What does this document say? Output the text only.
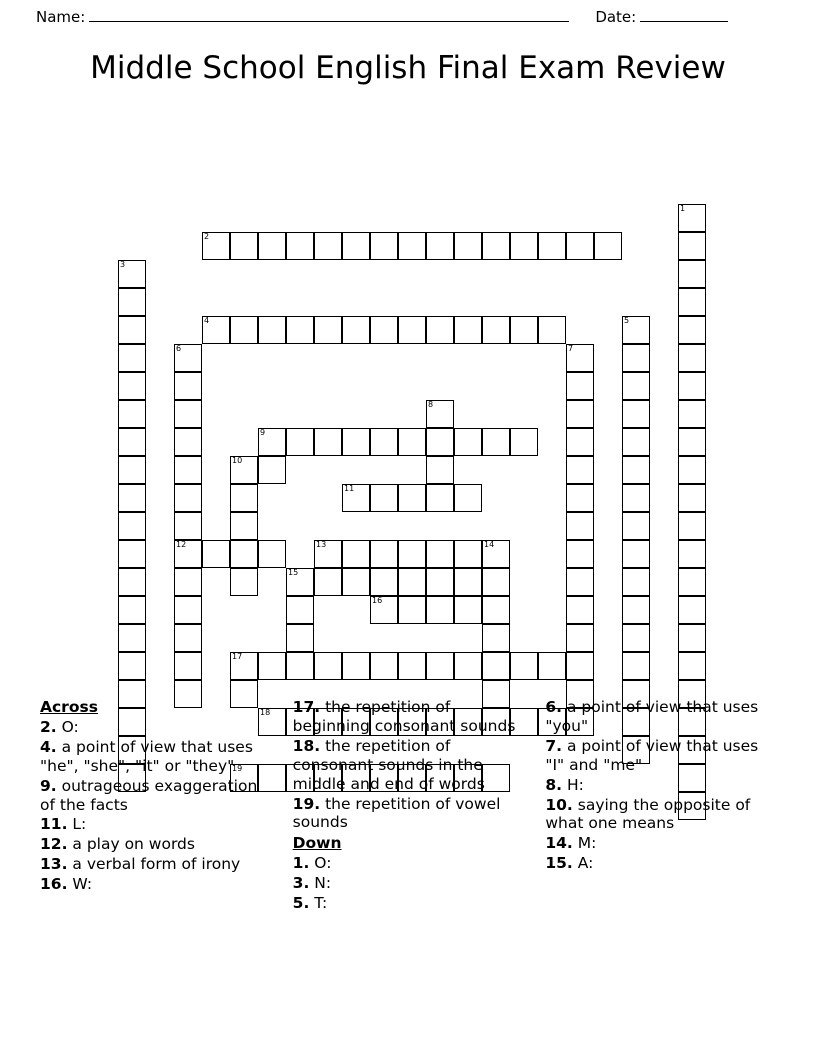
Name:	Date:
Middle School English Final Exam Review
1
2
3
4	5
6	7
8
9
10
11
12	13	14
15
16
17
18
19
Across
2. O:
4. a point of view that uses "he", "she", "it" or "they"
9. outrageous exaggeration of the facts
11. L:
12. a play on words
13. a verbal form of irony
16. W:
17. the repetition of beginning consonant sounds
18. the repetition of consonant sounds in the middle and end of words
19. the repetition of vowel sounds
Down
1. O:
3. N:
5. T:
6. a point of view that uses "you"
7. a point of view that uses "I" and "me"
8. H:
10. saying the opposite of what one means
14. M:
15. A:
